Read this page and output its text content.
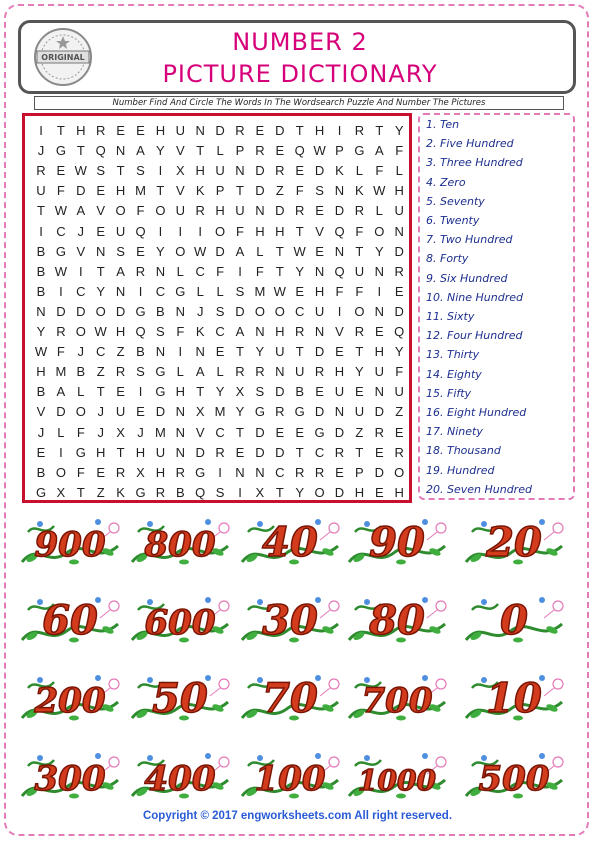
ORIGINAL
NUMBER 2
PICTURE DICTIONARY
Number Find And Circle The Words In The Wordsearch Puzzle And Number The Pictures
I	T H R E E H U N D R E D T H	I	R T Y
J G T Q N A Y V T L P R E Q W P G A F
R E W S T S	I	X H U N D R E D K L F L
U F D E H M T V K P T D Z F S N K W H
T W A V O F O U R H U N D R E D R L U
I	C J E U Q	I	I	I	O F H H T V Q F O N
B G V N S E Y O W D A L T W E N T Y D
B W I	T A R N L C F	I	F T Y N Q U N R
B	I	C Y N	I	C G L L S M W E H F F	I	E
N D D O D G B N J S D O O C U	I	O N D
Y R O W H Q S F K C A N H R N V R E Q
W F J C Z B N	I	N E T Y U T D E T H Y
H M B Z R S G L A L R R N U R H Y U F
B A L T E	I	G H T Y X S D B E U E N U
V D O J U E D N X M Y G R G D N U D Z
J	L F J X J M N V C T D E E G D Z R E
E	I	G H T H U N D R E D D T C R T E R
B O F E R X H R G	I	N N C R R E P D O
G X T Z K G R B Q S	I	X T Y O D H E H
1. Ten
2. Five Hundred
3. Three Hundred
4. Zero
5. Seventy
6. Twenty
7. Two Hundred
8. Forty
9. Six Hundred
10. Nine Hundred
11. Sixty
12. Four Hundred
13. Thirty
14. Eighty
15. Fifty
16. Eight Hundred
17. Ninety
18. Thousand
19. Hundred
20. Seven Hundred
900 800 40 90 20
60 600 30 80 0
200 50 70 700 10
300 400 100 1000 500
Copyright © 2017 engworksheets.com All right reserved.
